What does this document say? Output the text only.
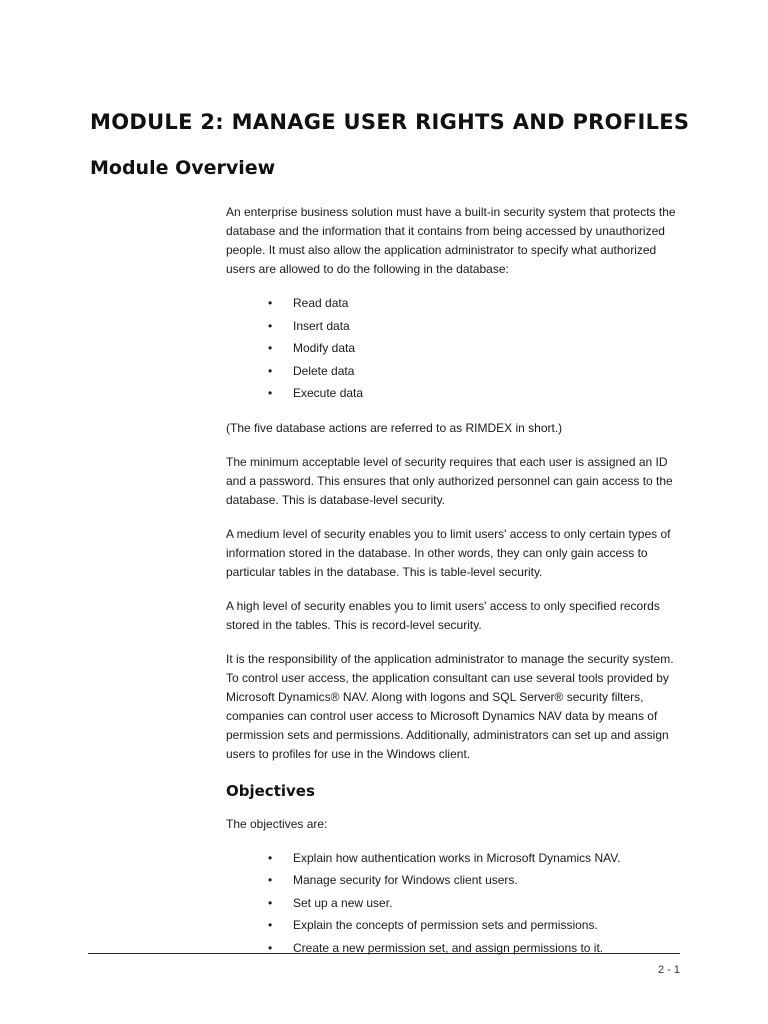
MODULE 2: MANAGE USER RIGHTS AND PROFILES
Module Overview

An enterprise business solution must have a built-in security system that protects the database and the information that it contains from being accessed by unauthorized people. It must also allow the application administrator to specify what authorized users are allowed to do the following in the database:

• Read data
• Insert data
• Modify data
• Delete data
• Execute data

(The five database actions are referred to as RIMDEX in short.)

The minimum acceptable level of security requires that each user is assigned an ID and a password. This ensures that only authorized personnel can gain access to the database. This is database-level security.

A medium level of security enables you to limit users' access to only certain types of information stored in the database. In other words, they can only gain access to particular tables in the database. This is table-level security.

A high level of security enables you to limit users' access to only specified records stored in the tables. This is record-level security.

It is the responsibility of the application administrator to manage the security system. To control user access, the application consultant can use several tools provided by Microsoft Dynamics® NAV. Along with logons and SQL Server® security filters, companies can control user access to Microsoft Dynamics NAV data by means of permission sets and permissions. Additionally, administrators can set up and assign users to profiles for use in the Windows client.

Objectives

The objectives are:

• Explain how authentication works in Microsoft Dynamics NAV.
• Manage security for Windows client users.
• Set up a new user.
• Explain the concepts of permission sets and permissions.
• Create a new permission set, and assign permissions to it.
2 - 1
